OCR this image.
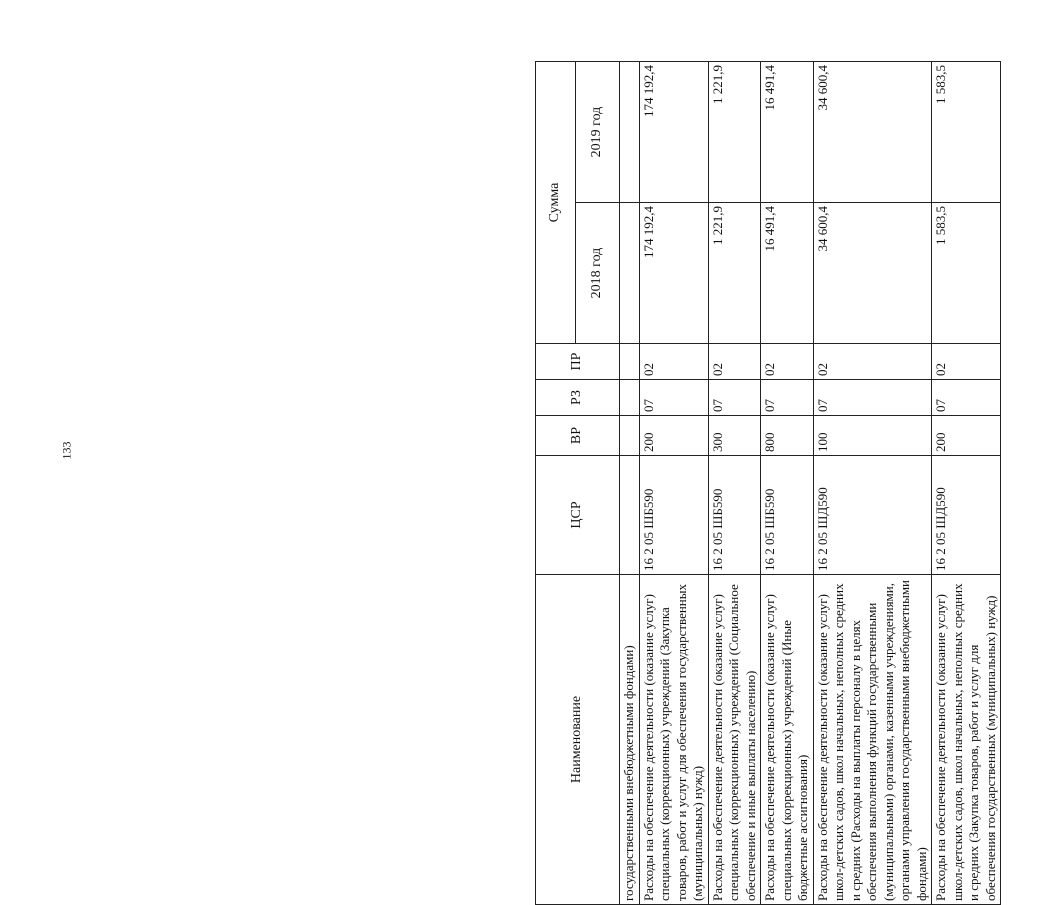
133
Наименование	ЦСР	ВР	РЗ	ПР	Сумма	
					2018 год	2019 год
государственными внебюджетными фондами)						
Расходы на обеспечение деятельности (оказание услуг) специальных (коррекционных) учреждений (Закупка товаров, работ и услуг для обеспечения государственных (муниципальных) нужд)	16 2 05 ШБ590	200	07	02	174 192,4	174 192,4
Расходы на обеспечение деятельности (оказание услуг) специальных (коррекционных) учреждений (Социальное обеспечение и иные выплаты населению)	16 2 05 ШБ590	300	07	02	1 221,9	1 221,9
Расходы на обеспечение деятельности (оказание услуг) специальных (коррекционных) учреждений (Иные бюджетные ассигнования)	16 2 05 ШБ590	800	07	02	16 491,4	16 491,4
Расходы на обеспечение деятельности (оказание услуг) школ-детских садов, школ начальных, неполных средних и средних (Расходы на выплаты персоналу в целях обеспечения выполнения функций государственными (муниципальными) органами, казенными учреждениями, органами управления государственными внебюджетными фондами)	16 2 05 ШД590	100	07	02	34 600,4	34 600,4
Расходы на обеспечение деятельности (оказание услуг) школ-детских садов, школ начальных, неполных средних и средних (Закупка товаров, работ и услуг для обеспечения государственных (муниципальных) нужд)	16 2 05 ШД590	200	07	02	1 583,5	1 583,5
